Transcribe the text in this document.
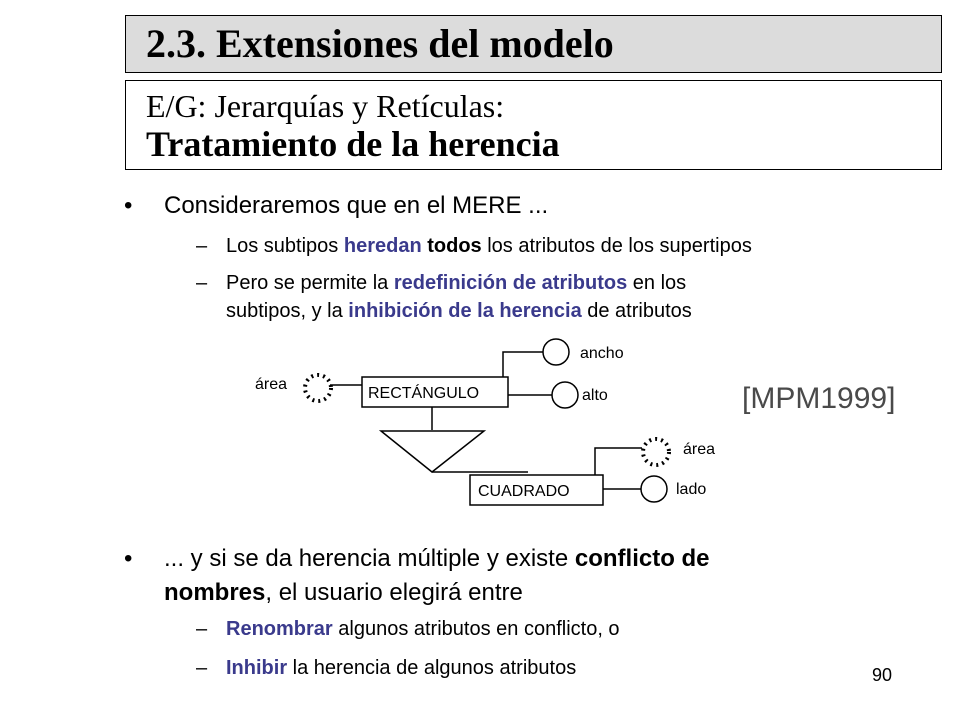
2.3. Extensiones del modelo
E/G: Jerarquías y Retículas:
Tratamiento de la herencia
• Consideraremos que en el MERE ...
– Los subtipos heredan todos los atributos de los supertipos
– Pero se permite la redefinición de atributos en los
subtipos, y la inhibición de la herencia de atributos
RECTÁNGULO
CUADRADO
ancho
alto
área
área
lado
[MPM1999]
• ... y si se da herencia múltiple y existe conflicto de
nombres, el usuario elegirá entre
– Renombrar algunos atributos en conflicto, o
– Inhibir la herencia de algunos atributos	90
